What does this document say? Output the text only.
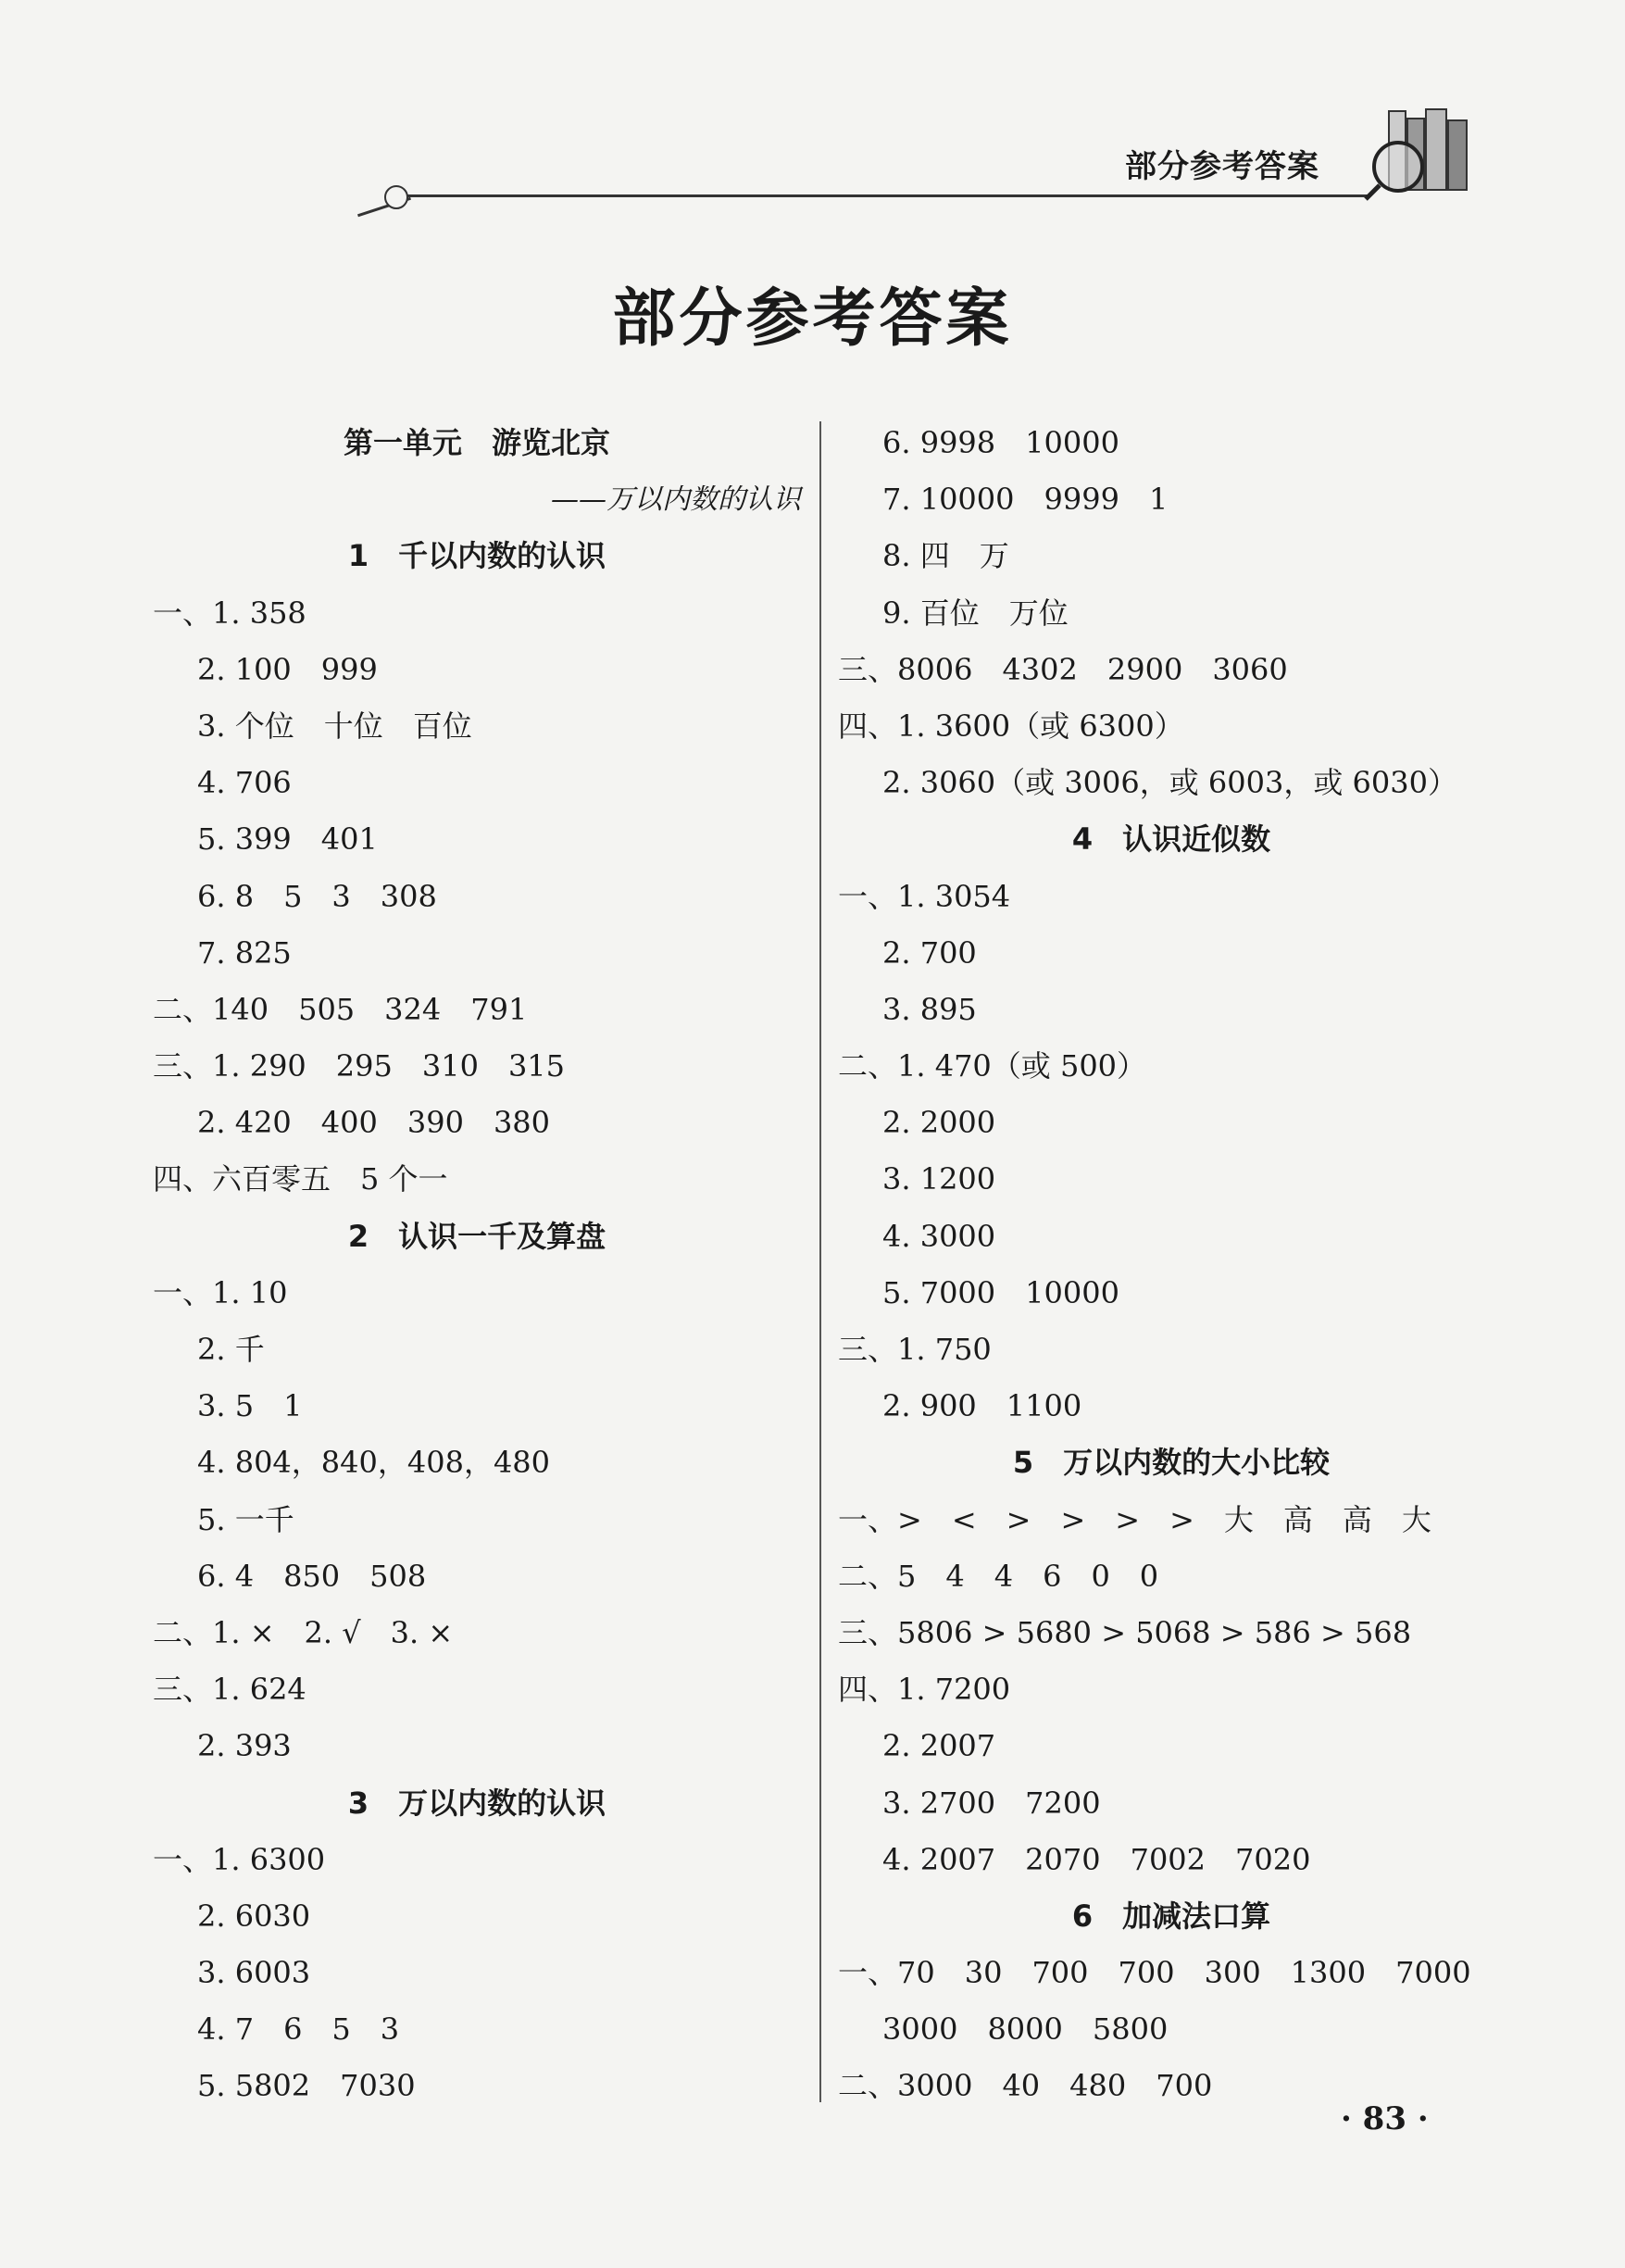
部分参考答案
部分参考答案
第一单元　游览北京
——万以内数的认识
1　千以内数的认识
一、1. 358
2. 100　999
3. 个位　十位　百位
4. 706
5. 399　401
6. 8　5　3　308
7. 825
二、140　505　324　791
三、1. 290　295　310　315
2. 420　400　390　380
四、六百零五　5 个一
2　认识一千及算盘
一、1. 10
2. 千
3. 5　1
4. 804，840，408，480
5. 一千
6. 4　850　508
二、1. ×　2. √　3. ×
三、1. 624
2. 393
3　万以内数的认识
一、1. 6300
2. 6030
3. 6003
4. 7　6　5　3
5. 5802　7030
6. 9998　10000
7. 10000　9999　1
8. 四　万
9. 百位　万位
三、8006　4302　2900　3060
四、1. 3600（或 6300）
2. 3060（或 3006，或 6003，或 6030）
4　认识近似数
一、1. 3054
2. 700
3. 895
二、1. 470（或 500）
2. 2000
3. 1200
4. 3000
5. 7000　10000
三、1. 750
2. 900　1100
5　万以内数的大小比较
一、>　<　>　>　>　>　大　高　高　大
二、5　4　4　6　0　0
三、5806 > 5680 > 5068 > 586 > 568
四、1. 7200
2. 2007
3. 2700　7200
4. 2007　2070　7002　7020
6　加减法口算
一、70　30　700　700　300　1300　7000
3000　8000　5800
二、3000　40　480　700
· 83 ·
